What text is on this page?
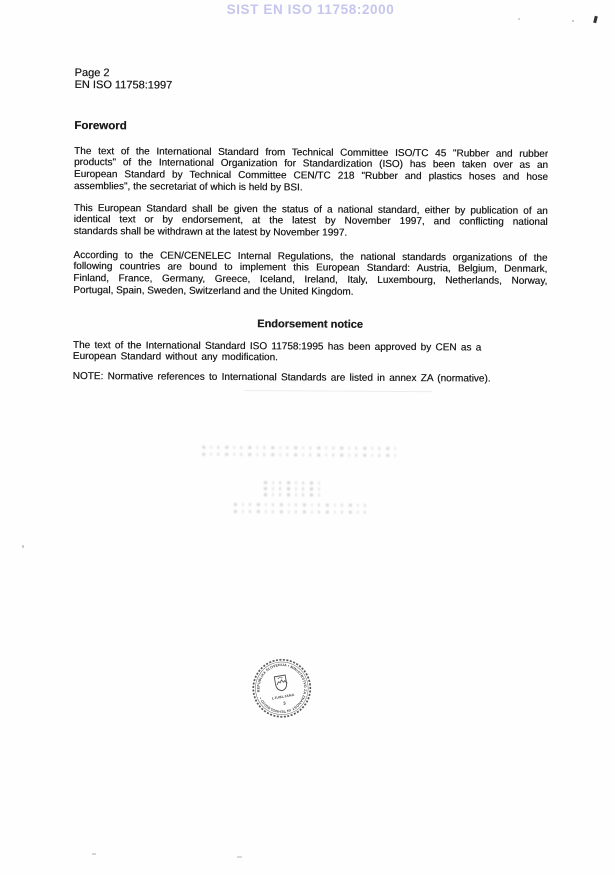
SIST EN ISO 11758:2000
Page 2
EN ISO 11758:1997
Foreword
The text of the International Standard from Technical Committee ISO/TC 45 "Rubber and rubber
products" of the International Organization for Standardization (ISO) has been taken over as an
European Standard by Technical Committee CEN/TC 218 "Rubber and plastics hoses and hose
assemblies", the secretariat of which is held by BSI.
This European Standard shall be given the status of a national standard, either by publication of an
identical text or by endorsement, at the latest by November 1997, and conflicting national
standards shall be withdrawn at the latest by November 1997.
According to the CEN/CENELEC Internal Regulations, the national standards organizations of the
following countries are bound to implement this European Standard: Austria, Belgium, Denmark,
Finland, France, Germany, Greece, Iceland, Ireland, Italy, Luxembourg, Netherlands, Norway,
Portugal, Spain, Sweden, Switzerland and the United Kingdom.
Endorsement notice
The text of the International Standard ISO 11758:1995 has been approved by CEN as a
European Standard without any modification.
NOTE: Normative references to International Standards are listed in annex ZA (normative).
REPUBLIKA SLOVENIJA • MINISTRSTVO ZA ZNANOST IN TEHNOLOGIJO •	LJUBLJANA
3
